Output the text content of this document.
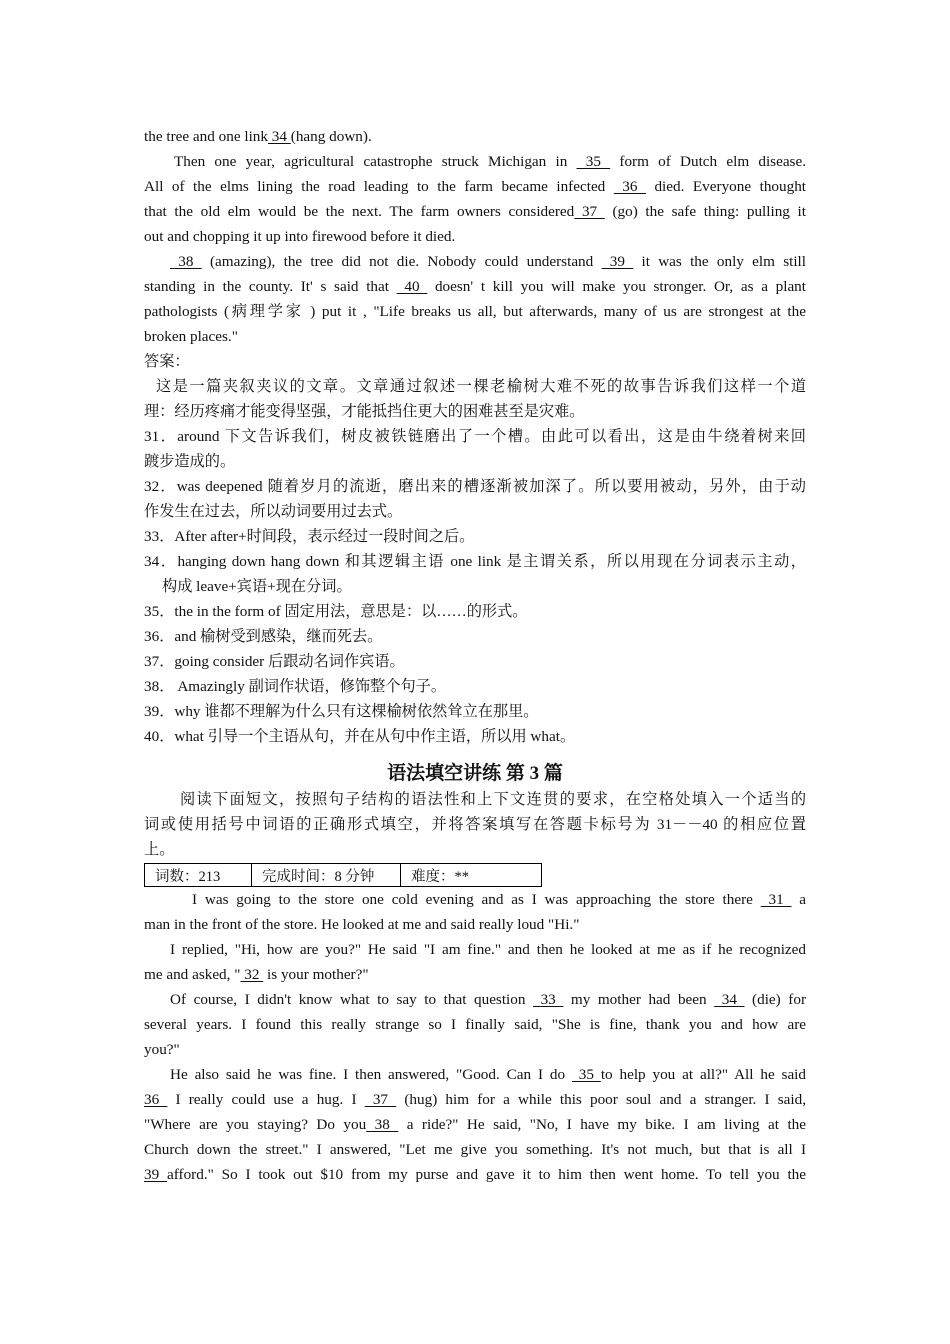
the tree and one link 34 (hang down).
Then one year, agricultural catastrophe struck Michigan in  35  form of Dutch elm disease.
All of the elms lining the road leading to the farm became infected  36  died. Everyone thought
that the old elm would be the next. The farm owners considered 37  (go) the safe thing: pulling it
out and chopping it up into firewood before it died.
38  (amazing), the tree did not die. Nobody could understand  39  it was the only elm still
standing in the county. It' s said that  40  doesn' t kill you will make you stronger. Or, as a plant
pathologists (病理学家 ) put it , "Life breaks us all, but afterwards, many of us are strongest at the
broken places."
答案：
这是一篇夹叙夹议的文章。文章通过叙述一棵老榆树大难不死的故事告诉我们这样一个道
理：经历疼痛才能变得坚强，才能抵挡住更大的困难甚至是灾难。
31．around 下文告诉我们，树皮被铁链磨出了一个槽。由此可以看出，这是由牛绕着树来回
踱步造成的。
32．was deepened 随着岁月的流逝，磨出来的槽逐渐被加深了。所以要用被动，另外，由于动
作发生在过去，所以动词要用过去式。
33．After after+时间段，表示经过一段时间之后。
34．hanging down hang down 和其逻辑主语 one link 是主谓关系，所以用现在分词表示主动，
构成 leave+宾语+现在分词。
35．the in the form of 固定用法，意思是：以……的形式。
36．and 榆树受到感染，继而死去。
37．going consider 后跟动名词作宾语。
38． Amazingly 副词作状语，修饰整个句子。
39．why 谁都不理解为什么只有这棵榆树依然耸立在那里。
40．what 引导一个主语从句，并在从句中作主语，所以用 what。
语法填空讲练 第 3 篇
阅读下面短文，按照句子结构的语法性和上下文连贯的要求，在空格处填入一个适当的
词或使用括号中词语的正确形式填空，并将答案填写在答题卡标号为 31－－40 的相应位置
上。
词数：213	完成时间：8 分钟	难度：**
I was going to the store one cold evening and as I was approaching the store there  31  a
man in the front of the store. He looked at me and said really loud "Hi."
I replied, "Hi, how are you?" He said "I am fine." and then he looked at me as if he recognized
me and asked, " 32  is your mother?"
Of course, I didn't know what to say to that question  33  my mother had been  34  (die) for
several years. I found this really strange so I finally said, "She is fine, thank you and how are
you?"
He also said he was fine. I then answered, "Good. Can I do  35 to help you at all?" All he said
36  I really could use a hug. I  37  (hug) him for a while this poor soul and a stranger. I said,
"Where are you staying? Do you 38  a ride?" He said, "No, I have my bike. I am living at the
Church down the street." I answered, "Let me give you something. It's not much, but that is all I
39 afford." So I took out $10 from my purse and gave it to him then went home. To tell you the
